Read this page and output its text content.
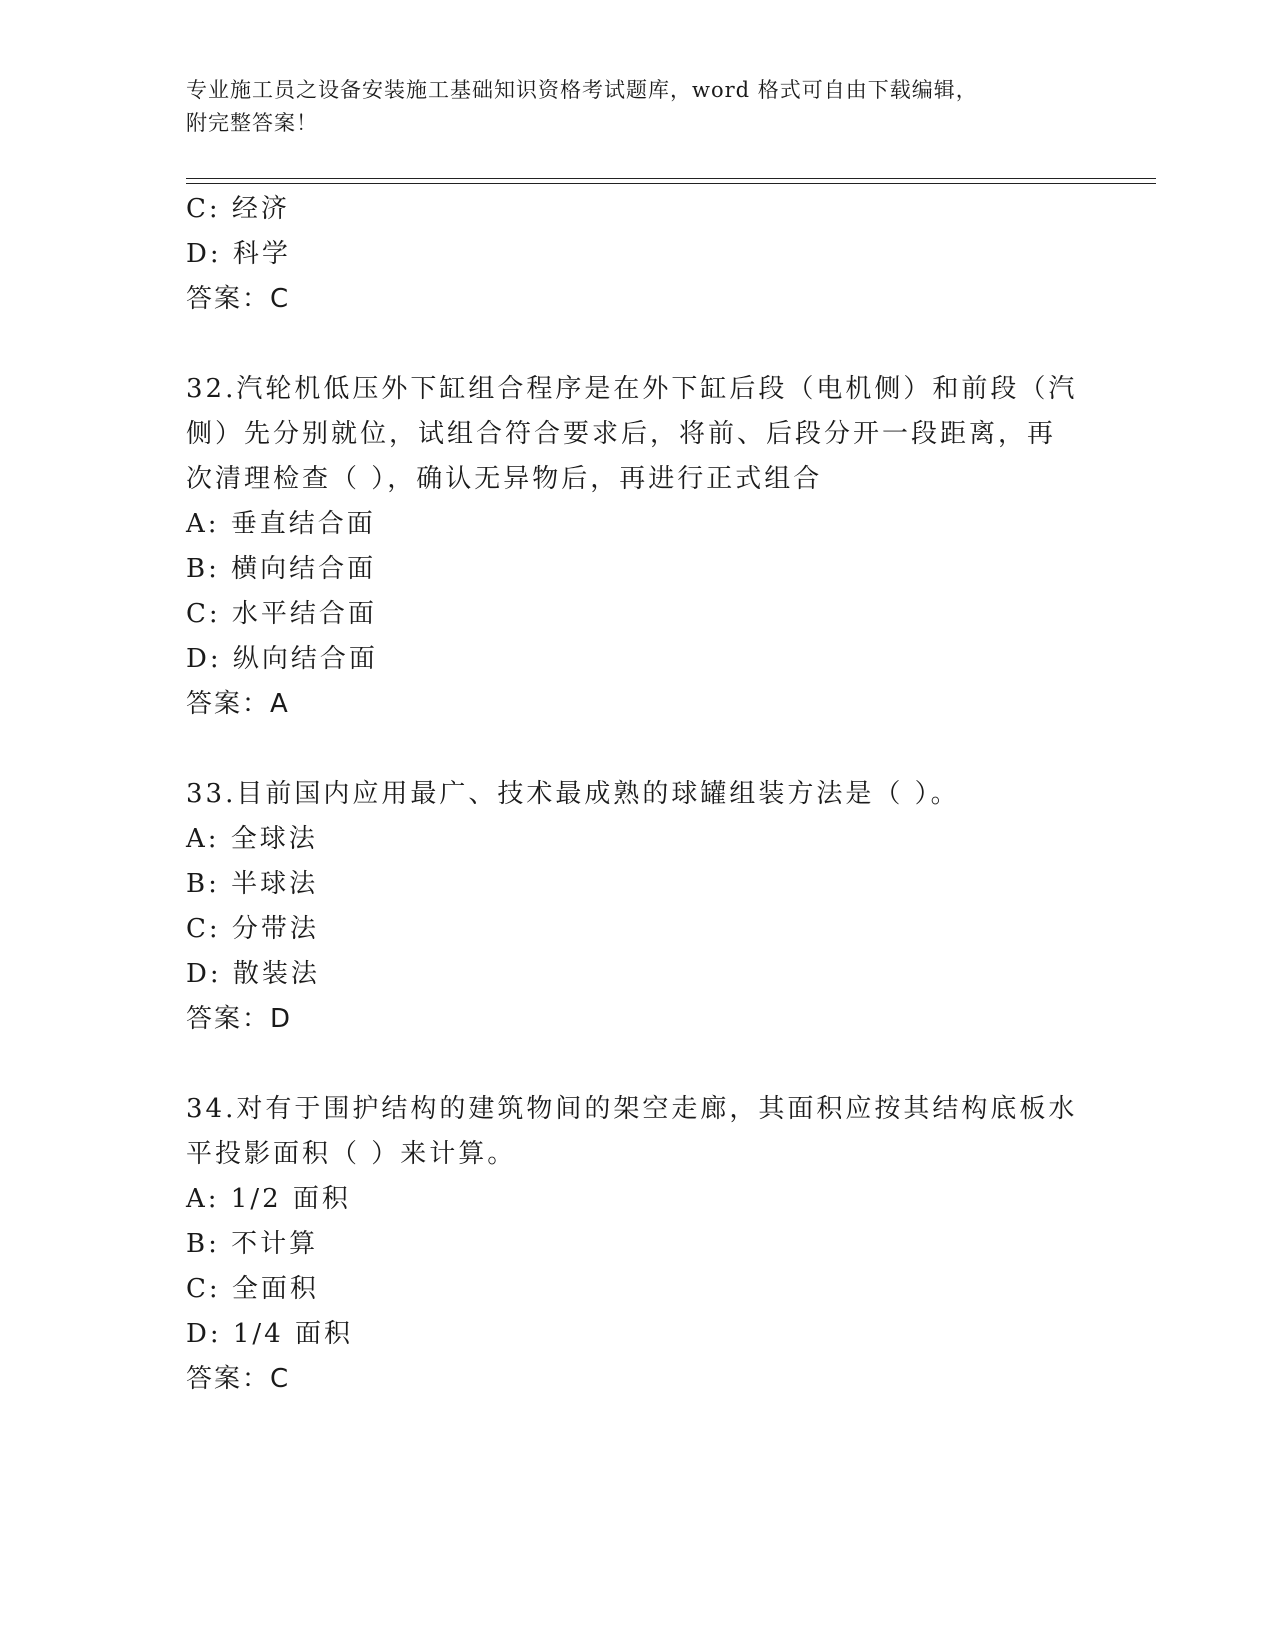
专业施工员之设备安装施工基础知识资格考试题库，word 格式可自由下载编辑，
附完整答案！
C: 经济
D: 科学
答案：C
32.汽轮机低压外下缸组合程序是在外下缸后段（电机侧）和前段（汽
侧）先分别就位，试组合符合要求后，将前、后段分开一段距离，再
次清理检查（ ），确认无异物后，再进行正式组合
A: 垂直结合面
B: 横向结合面
C: 水平结合面
D: 纵向结合面
答案：A
33.目前国内应用最广、技术最成熟的球罐组装方法是（ ）。
A: 全球法
B: 半球法
C: 分带法
D: 散装法
答案：D
34.对有于围护结构的建筑物间的架空走廊，其面积应按其结构底板水
平投影面积（ ）来计算。
A: 1/2 面积
B: 不计算
C: 全面积
D: 1/4 面积
答案：C
